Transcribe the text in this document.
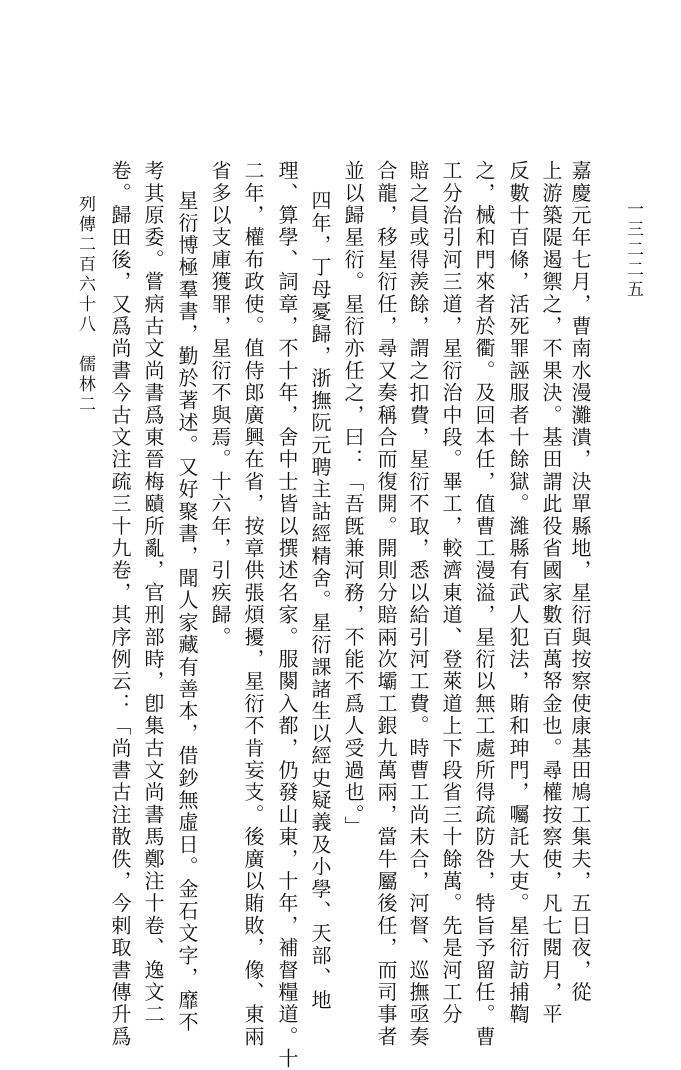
一三二二五
嘉慶元年七月，曹南水漫灘潰，決單縣地，星衍與按察使康基田鳩工集夫，五日夜，從
上游築隄遏禦之，不果決。基田謂此役省國家數百萬帑金也。尋權按察使，凡七閱月，平
反數十百條，活死罪誣服者十餘獄。濰縣有武人犯法，賄和珅門，囑託大吏。星衍訪捕鞫
之，械和門來者於衢。及回本任，值曹工漫溢，星衍以無工處所得疏防咎，特旨予留任。曹
工分治引河三道，星衍治中段。畢工，較濟東道、登萊道上下段省三十餘萬。先是河工分
賠之員或得羨餘，謂之扣費，星衍不取，悉以給引河工費。時曹工尚未合，河督、巡撫亟奏
合龍，移星衍任，尋又奏稱合而復開。開則分賠兩次壩工銀九萬兩，當牛屬後任，而司事者
並以歸星衍。星衍亦任之，曰：「吾旣兼河務，不能不爲人受過也。」
四年，丁母憂歸，浙撫阮元聘主詁經精舍。星衍課諸生以經史疑義及小學、天部、地
理、算學、詞章，不十年，舍中士皆以撰述名家。服闋入都，仍發山東，十年，補督糧道。十
二年，權布政使。值侍郎廣興在省，按章供張煩擾，星衍不肯妄支。後廣以賄敗，像、東兩
省多以支庫獲罪，星衍不與焉。十六年，引疾歸。
星衍博極羣書，勤於著述。又好聚書，聞人家藏有善本，借鈔無虛日。金石文字，靡不
考其原委。嘗病古文尚書爲東晉梅賾所亂，官刑部時，卽集古文尚書馬鄭注十卷、逸文二
卷。歸田後，又爲尚書今古文注疏三十九卷，其序例云：「尚書古注散佚，今剌取書傳升爲
列傳二百六十八　儒林二
